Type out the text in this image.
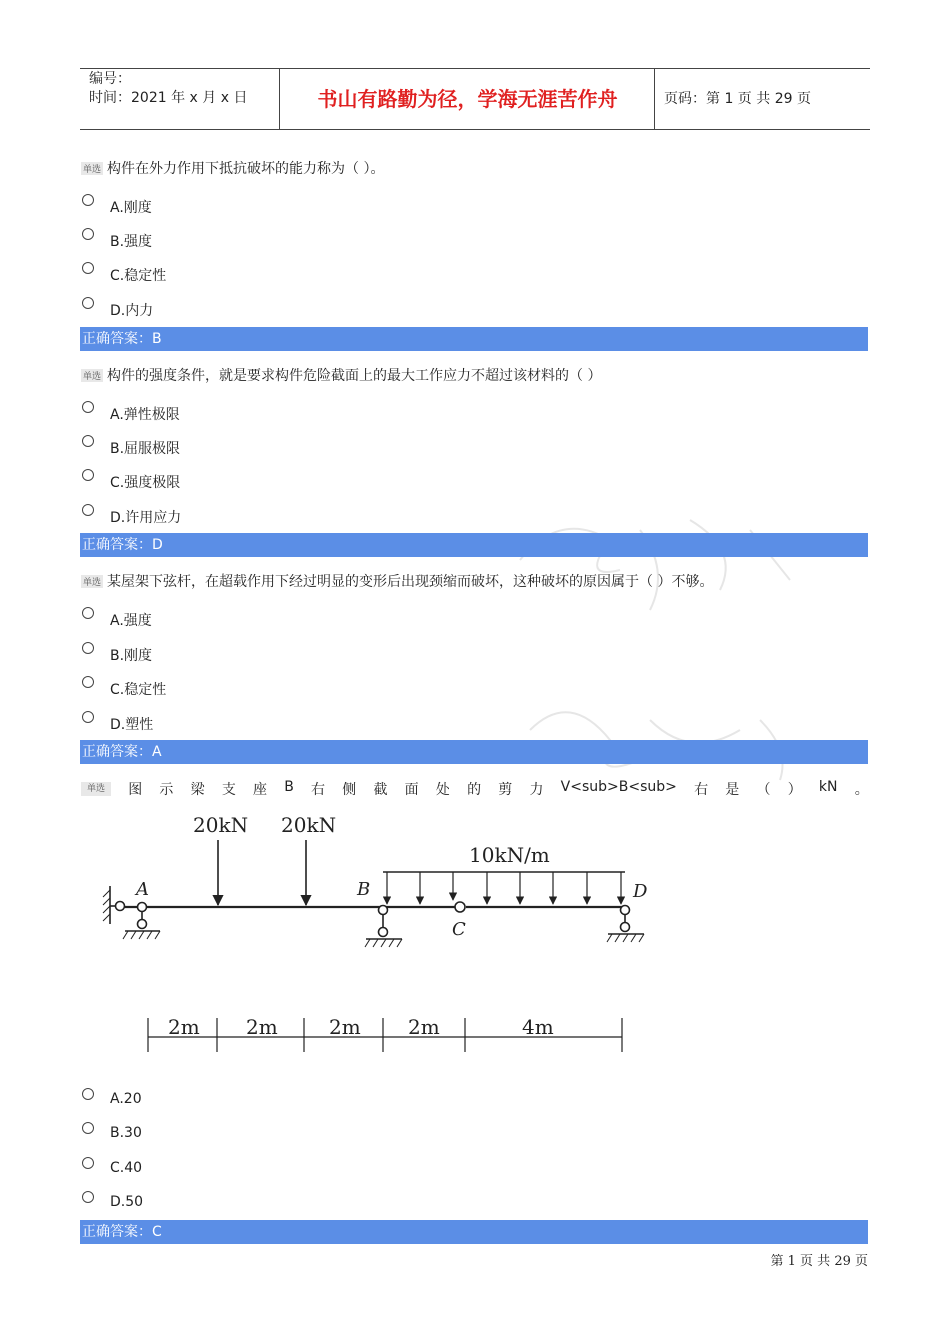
编号：
时间：2021 年 x 月 x 日	书山有路勤为径，学海无涯苦作舟	页码：第 1 页 共 29 页
单选 构件在外力作用下抵抗破坏的能力称为（ ）。
A.刚度
B.强度
C.稳定性
D.内力
正确答案：B
单选 构件的强度条件，就是要求构件危险截面上的最大工作应力不超过该材料的（ ）
A.弹性极限
B.屈服极限
C.强度极限
D.许用应力
正确答案：D
单选 某屋架下弦杆，在超载作用下经过明显的变形后出现颈缩而破坏，这种破坏的原因属于（ ）不够。
A.强度
B.刚度
C.稳定性
D.塑性
正确答案：A
单选	图 示 梁 支 座 B 右 侧 截 面 处 的 剪 力 V<sub>B<sub> 右 是 （ ） kN 。
20kN 20kN
10kN/m
A	B
C
D
2m 2m	2m 2m	4m
A.20
B.30
C.40
D.50
正确答案：C
第 1 页 共 29 页
